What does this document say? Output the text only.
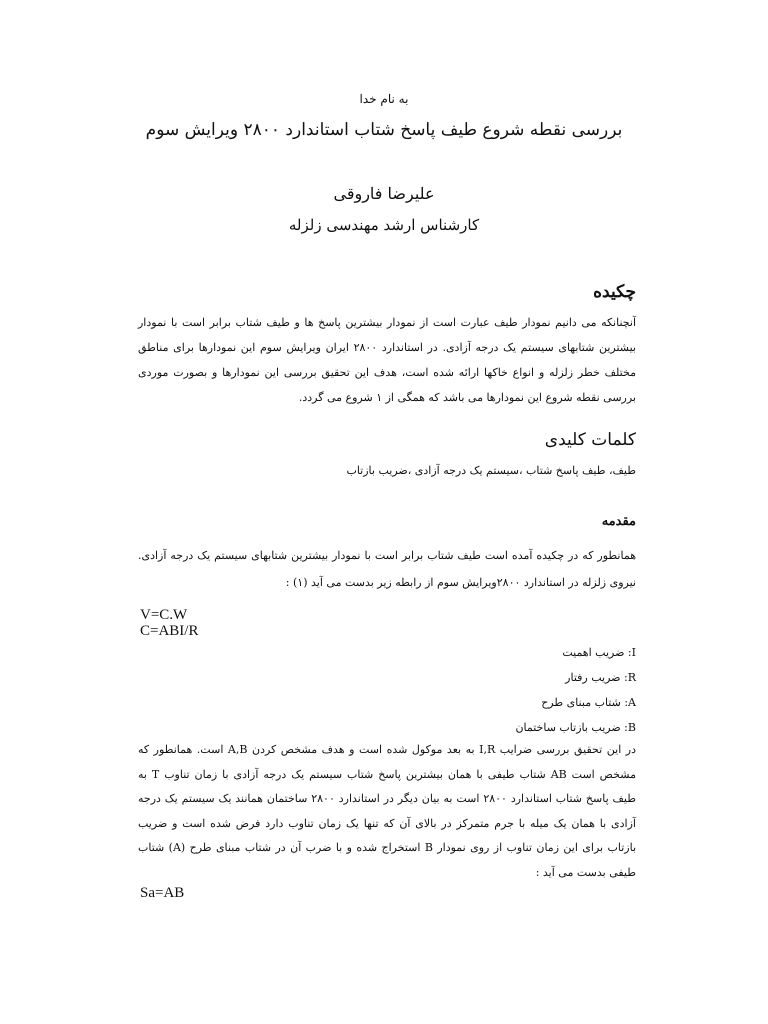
به نام خدا

بررسی نقطه شروع طیف پاسخ شتاب استاندارد ۲۸۰۰ ویرایش سوم

علیرضا فاروقی

کارشناس ارشد مهندسی زلزله

چکیده

آنچنانکه می دانیم نمودار طیف عبارت است از نمودار بیشترین پاسخ ها و طیف شتاب برابر است با نمودار بیشترین شتابهای سیستم یک درجه آزادی. در استاندارد ۲۸۰۰ ایران ویرایش سوم این نمودارها برای مناطق مختلف خطر زلزله و انواع خاکها ارائه شده است، هدف این تحقیق بررسی این نمودارها و بصورت موردی بررسی نقطه شروع این نمودارها می باشد که همگی از ۱ شروع می گردد.

کلمات کلیدی

طیف، طیف پاسخ شتاب ،سیستم یک درجه آزادی ،ضریب بازتاب

مقدمه

همانطور که در چکیده آمده است طیف شتاب برابر است با نمودار بیشترین شتابهای سیستم یک درجه آزادی. نیروی زلزله در استاندارد ۲۸۰۰ویرایش سوم از رابطه زیر بدست می آید (۱) :

V=C.W

C=ABI/R

I: ضریب اهمیت
R: ضریب رفتار
A: شتاب مبنای طرح
B: ضریب بازتاب ساختمان

در این تحقیق بررسی ضرایب I,R به بعد موکول شده است و هدف مشخص کردن A,B است. همانطور که مشخص است AB شتاب طیفی با همان بیشترین پاسخ شتاب سیستم یک درجه آزادی با زمان تناوب T به طیف پاسخ شتاب استاندارد ۲۸۰۰ است به بیان دیگر در استاندارد ۲۸۰۰ ساختمان همانند یک سیستم یک درجه آزادی با همان یک میله با جرم متمرکز در بالای آن که تنها یک زمان تناوب دارد فرض شده است و ضریب بازتاب برای این زمان تناوب از روی نمودار B استخراج شده و با ضرب آن در شتاب مبنای طرح (A) شتاب طیفی بدست می آید :

Sa=AB
